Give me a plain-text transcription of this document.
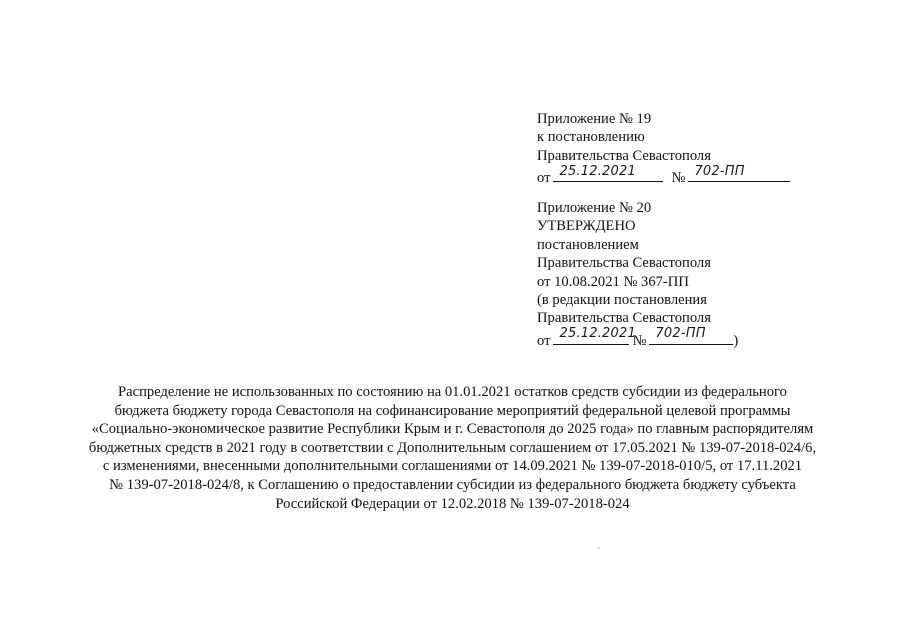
Приложение № 19
к постановлению
Правительства Севастополя
от 25.12.2021 № 702-ПП
Приложение № 20
УТВЕРЖДЕНО
постановлением
Правительства Севастополя
от 10.08.2021 № 367-ПП
(в редакции постановления
Правительства Севастополя
от 25.12.2021
№ 702-ПП )
Распределение не использованных по состоянию на 01.01.2021 остатков средств субсидии из федерального
бюджета бюджету города Севастополя на софинансирование мероприятий федеральной целевой программы
«Социально-экономическое развитие Республики Крым и г. Севастополя до 2025 года» по главным распорядителям
бюджетных средств в 2021 году в соответствии с Дополнительным соглашением от 17.05.2021 № 139-07-2018-024/6,
с изменениями, внесенными дополнительными соглашениями от 14.09.2021 № 139-07-2018-010/5, от 17.11.2021
№ 139-07-2018-024/8, к Соглашению о предоставлении субсидии из федерального бюджета бюджету субъекта
Российской Федерации от 12.02.2018 № 139-07-2018-024
